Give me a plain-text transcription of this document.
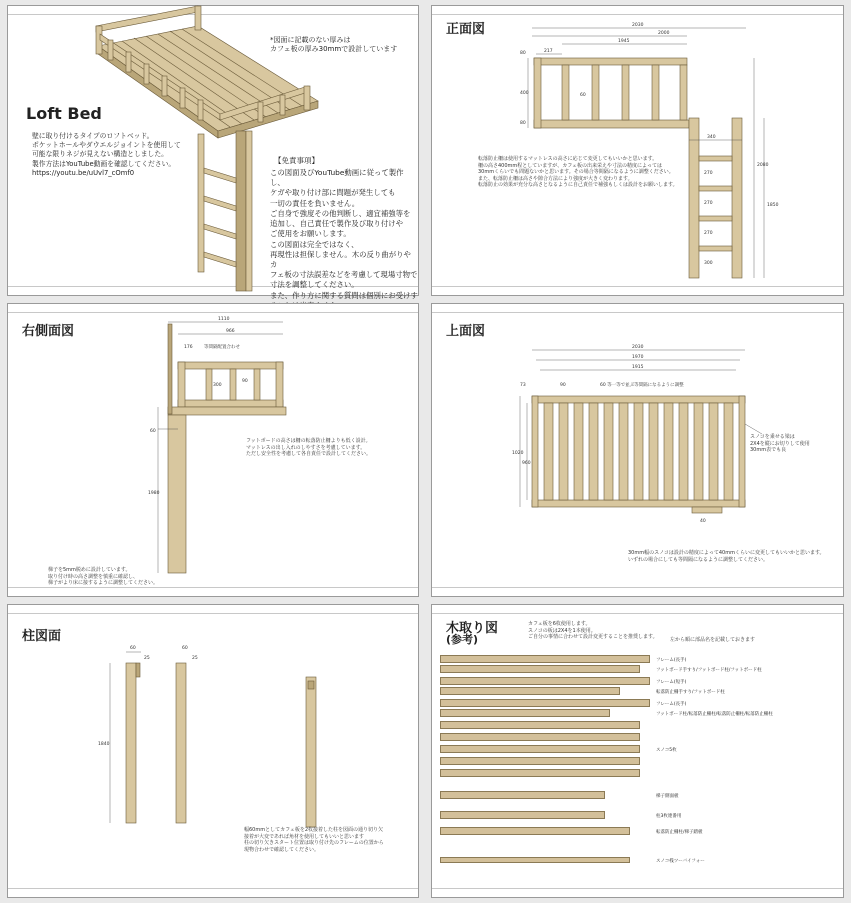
*図面に記載のない厚みは
カフェ板の厚み30mmで設計しています
Loft Bed
壁に取り付けるタイプのロフトベッド。
ポケットホールやダウエルジョイントを使用して
可能な限りネジが見えない構造としました。
製作方法はYouTube動画を確認してください。
https://youtu.be/uUvl7_cOmf0
【免責事項】
この図面及びYouTube動画に従って製作し、
ケガや取り付け部に問題が発生しても
一切の責任を負いません。
ご自身で強度その他判断し、適宜補強等を
追加し、自己責任で製作及び取り付けや
ご使用をお願いします。
この図面は完全ではなく、
再現性は担保しません。木の反り曲がりやカ
フェ板の寸法誤差などを考慮して現場寸物で
寸法を調整してください。
また、作り方に関する質問は個別にお受けす

正面図	2030
2000
1945
217
80
400
80
60
340
270
270
270
300
2080
1850
転落防止柵は使用するマットレスの高さに応じて変更してもいいかと思います。
柵の高さ400mm程としていますが、カフェ板の出来栄えや寸法の精度によっては
30mmくらいでも問題ないかと思います。その場合等間隔になるように調整ください。
また、転落防止柵は高さや隙合方法により強度が大きく変わります。
転落防止の効果が充分な高さとなるように自己責任で補強もしくは設計をお願いします。
右側面図
1110
966
176	等間隔配置合わせ
300
90
60
1980
フットボードの高さは柵の転落防止柵よりも低く設計。
マットレスの出し入れのしやすさを考慮しています。
ただし安全性を考慮して各自責任で設計してください。
梯子を5mm脱めに設計しています。
取り付け時の高さ調整を慎重に確認し、
梯子がより床に接するように調整してください。
上面図
2030
1970
1915
73	90	60 等一等で並ぶ等間隔になるように調整
40
1020
960
スノコを乗せる梁は
2X4を縦にお切りして使用
30mm表でも良
30mm幅のスノコは設計の精度によって40mmくらいに変更してもいいかと思います。
いずれの場合にしても等間隔になるように調整してください。
柱図面
60
25
1840
60
25
幅60mmとしてカフェ板を2枚接着した柱を図面の通り切り欠
接着が大変であれば角材を使用してもいいと思います
柱の切り欠きスタート位置は取り付け先のフレームの位置から
現物合わせで確認してください。
木取り図
(参考)
カフェ板を6枚使用します。
スノコの板は2X4を1本使用。
ご自分の事情に合わせて設計変更することを推奨します。	左から順に部品名を記載しておきます
フレーム(長手)
フットボード手すり/フットボード柱/フットボード柱
フレーム(短手)
転落防止柵手すり/フットボード柱
フレーム(長手)
フットボード柱/転落防止柵柱/転落防止柵柱/転落防止柵柱
スノコ5枚
梯子側面板
柱3枚連番用
転落防止柵柱/梯子踏板
スノコ桟ツーバイフォー
